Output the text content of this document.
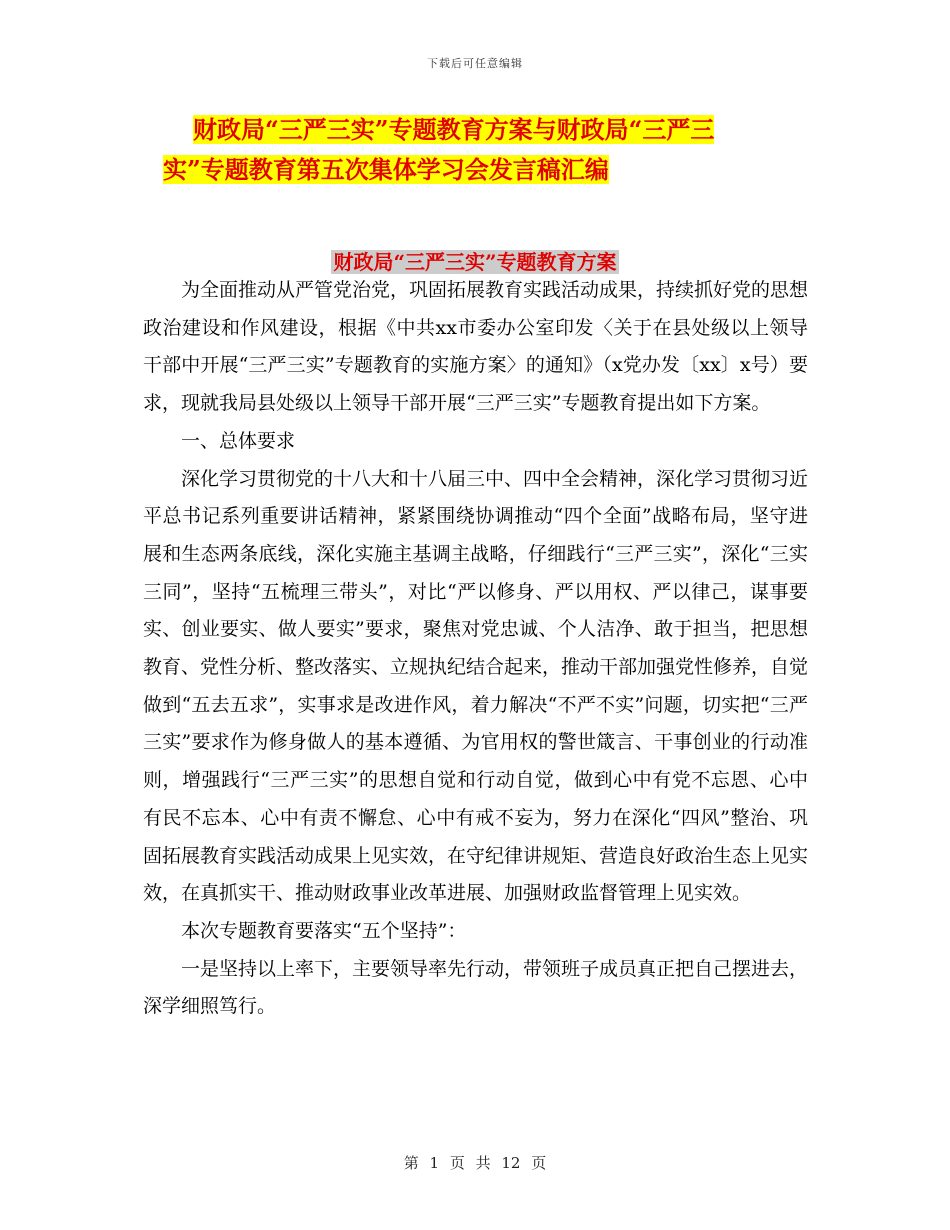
下载后可任意编辑
财政局“三严三实”专题教育方案与财政局“三严三
实”专题教育第五次集体学习会发言稿汇编
财政局“三严三实”专题教育方案

为全面推动从严管党治党，巩固拓展教育实践活动成果，持续抓好党的思想政治建设和作风建设，根据《中共xx市委办公室印发〈关于在县处级以上领导干部中开展“三严三实”专题教育的实施方案〉的通知》（x党办发〔xx〕x号）要求，现就我局县处级以上领导干部开展“三严三实”专题教育提出如下方案。

一、总体要求

深化学习贯彻党的十八大和十八届三中、四中全会精神，深化学习贯彻习近平总书记系列重要讲话精神，紧紧围绕协调推动“四个全面”战略布局，坚守进展和生态两条底线，深化实施主基调主战略，仔细践行“三严三实”，深化“三实三同”，坚持“五梳理三带头”，对比“严以修身、严以用权、严以律己，谋事要实、创业要实、做人要实”要求，聚焦对党忠诚、个人洁净、敢于担当，把思想教育、党性分析、整改落实、立规执纪结合起来，推动干部加强党性修养，自觉做到“五去五求”，实事求是改进作风，着力解决“不严不实”问题，切实把“三严三实”要求作为修身做人的基本遵循、为官用权的警世箴言、干事创业的行动准则，增强践行“三严三实”的思想自觉和行动自觉，做到心中有党不忘恩、心中有民不忘本、心中有责不懈怠、心中有戒不妄为，努力在深化“四风”整治、巩固拓展教育实践活动成果上见实效，在守纪律讲规矩、营造良好政治生态上见实效，在真抓实干、推动财政事业改革进展、加强财政监督管理上见实效。

本次专题教育要落实“五个坚持”：

一是坚持以上率下，主要领导率先行动，带领班子成员真正把自己摆进去，深学细照笃行。

第 1 页 共 12 页
